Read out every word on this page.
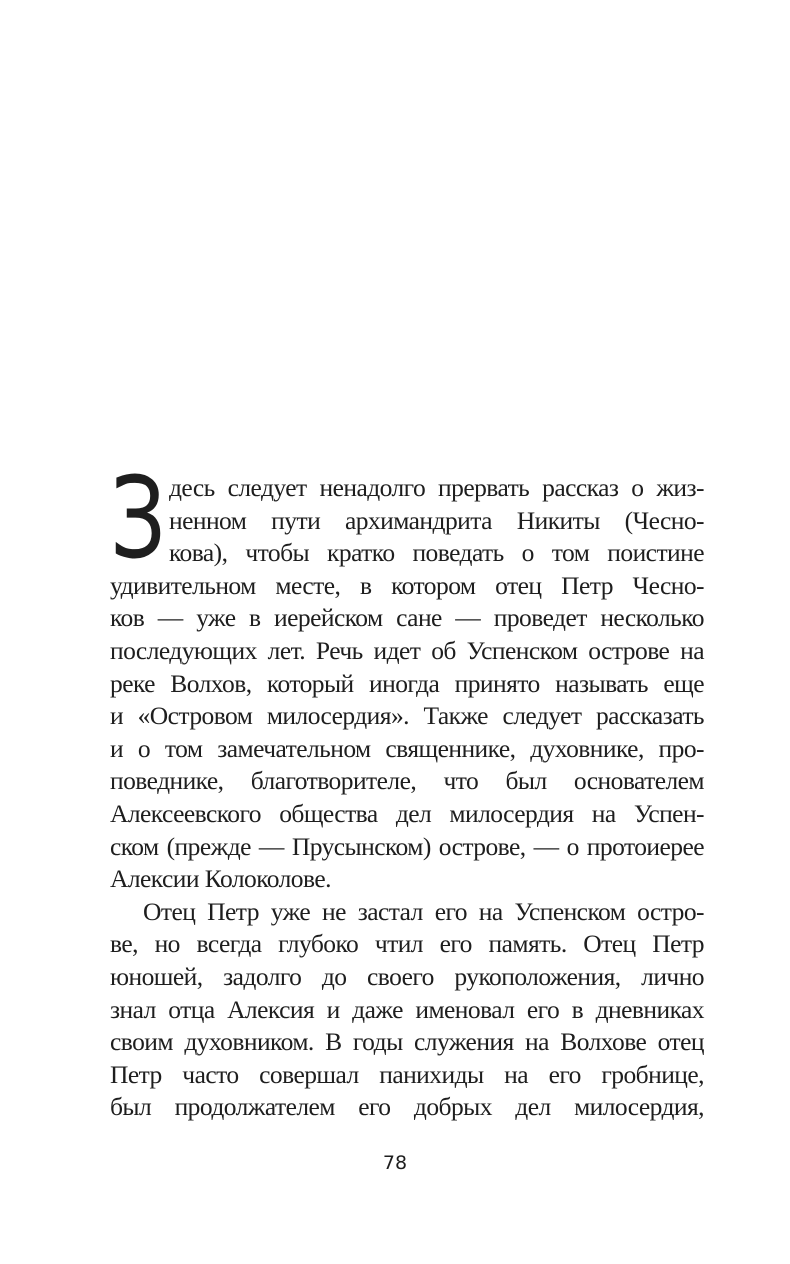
З десь следует ненадолго прервать рассказ о жиз-
ненном пути архимандрита Никиты (Чесно-
кова), чтобы кратко поведать о том поистине
удивительном месте, в котором отец Петр Чесно-
ков — уже в иерейском сане — проведет несколько
последующих лет. Речь идет об Успенском острове на
реке Волхов, который иногда принято называть еще
и «Островом милосердия». Также следует рассказать
и о том замечательном священнике, духовнике, про-
поведнике, благотворителе, что был основателем
Алексеевского общества дел милосердия на Успен-
ском (прежде — Прусынском) острове, — о протоиерее
Алексии Колоколове.
Отец Петр уже не застал его на Успенском остро-
ве, но всегда глубоко чтил его память. Отец Петр
юношей, задолго до своего рукоположения, лично
знал отца Алексия и даже именовал его в дневниках
своим духовником. В годы служения на Волхове отец
Петр часто совершал панихиды на его гробнице,
был продолжателем его добрых дел милосердия,
78
